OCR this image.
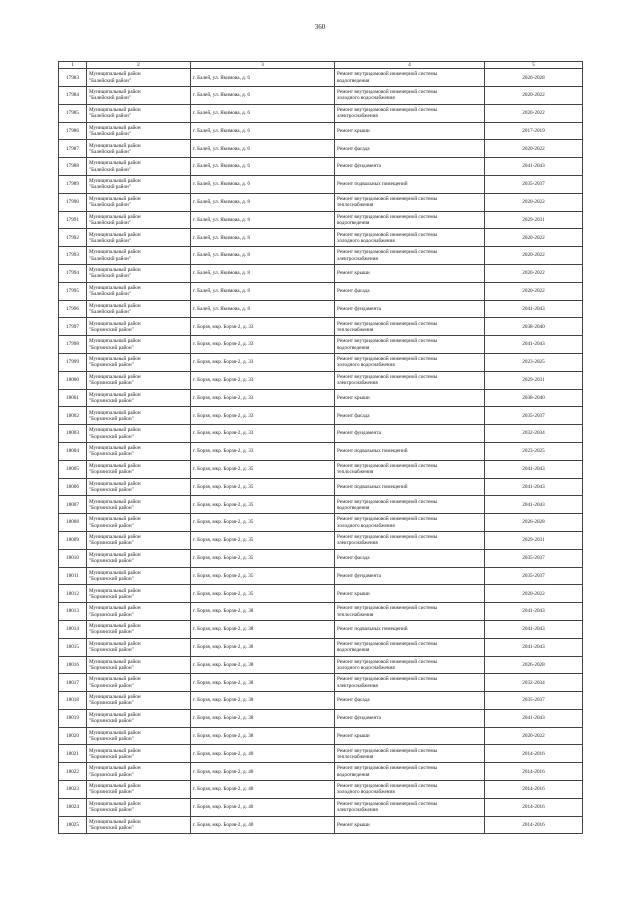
360
1	2	3	4	5
17983	Муниципальный район
"Балейский район"	г. Балей, ул. Якимова, д. 6	Ремонт внутридомовой инженерной системы
водоотведения	2026-2028
17984	Муниципальный район
"Балейский район"	г. Балей, ул. Якимова, д. 6	Ремонт внутридомовой инженерной системы
холодного водоснабжения	2020-2022
17985	Муниципальный район
"Балейский район"	г. Балей, ул. Якимова, д. 6	Ремонт внутридомовой инженерной системы
электроснабжения	2020-2022
17986	Муниципальный район
"Балейский район"	г. Балей, ул. Якимова, д. 6	Ремонт крыши	2017-2019
17987	Муниципальный район
"Балейский район"	г. Балей, ул. Якимова, д. 6	Ремонт фасада	2020-2022
17988	Муниципальный район
"Балейский район"	г. Балей, ул. Якимова, д. 6	Ремонт фундамента	2041-2043
17989	Муниципальный район
"Балейский район"	г. Балей, ул. Якимова, д. 6	Ремонт подвальных помещений	2035-2037
17990	Муниципальный район
"Балейский район"	г. Балей, ул. Якимова, д. 8	Ремонт внутридомовой инженерной системы
теплоснабжения	2020-2022
17991	Муниципальный район
"Балейский район"	г. Балей, ул. Якимова, д. 8	Ремонт внутридомовой инженерной системы
водоотведения	2029-2031
17992	Муниципальный район
"Балейский район"	г. Балей, ул. Якимова, д. 8	Ремонт внутридомовой инженерной системы
холодного водоснабжения	2020-2022
17993	Муниципальный район
"Балейский район"	г. Балей, ул. Якимова, д. 8	Ремонт внутридомовой инженерной системы
электроснабжения	2020-2022
17994	Муниципальный район
"Балейский район"	г. Балей, ул. Якимова, д. 8	Ремонт крыши	2020-2022
17995	Муниципальный район
"Балейский район"	г. Балей, ул. Якимова, д. 8	Ремонт фасада	2020-2022
17996	Муниципальный район
"Балейский район"	г. Балей, ул. Якимова, д. 8	Ремонт фундамента	2041-2043
17997	Муниципальный район
"Борзинский район"	г. Борзя, мкр. Борзя-2, д. 33	Ремонт внутридомовой инженерной системы
теплоснабжения	2038-2040
17998	Муниципальный район
"Борзинский район"	г. Борзя, мкр. Борзя-2, д. 33	Ремонт внутридомовой инженерной системы
водоотведения	2041-2043
17999	Муниципальный район
"Борзинский район"	г. Борзя, мкр. Борзя-2, д. 33	Ремонт внутридомовой инженерной системы
холодного водоснабжения	2023-2025
18000	Муниципальный район
"Борзинский район"	г. Борзя, мкр. Борзя-2, д. 33	Ремонт внутридомовой инженерной системы
электроснабжения	2029-2031
18001	Муниципальный район
"Борзинский район"	г. Борзя, мкр. Борзя-2, д. 33	Ремонт крыши	2038-2040
18002	Муниципальный район
"Борзинский район"	г. Борзя, мкр. Борзя-2, д. 33	Ремонт фасада	2035-2037
18003	Муниципальный район
"Борзинский район"	г. Борзя, мкр. Борзя-2, д. 33	Ремонт фундамента	2032-2034
18004	Муниципальный район
"Борзинский район"	г. Борзя, мкр. Борзя-2, д. 33	Ремонт подвальных помещений	2023-2025
18005	Муниципальный район
"Борзинский район"	г. Борзя, мкр. Борзя-2, д. 35	Ремонт внутридомовой инженерной системы
теплоснабжения	2041-2043
18006	Муниципальный район
"Борзинский район"	г. Борзя, мкр. Борзя-2, д. 35	Ремонт подвальных помещений	2041-2043
18007	Муниципальный район
"Борзинский район"	г. Борзя, мкр. Борзя-2, д. 35	Ремонт внутридомовой инженерной системы
водоотведения	2041-2043
18008	Муниципальный район
"Борзинский район"	г. Борзя, мкр. Борзя-2, д. 35	Ремонт внутридомовой инженерной системы
холодного водоснабжения	2026-2028
18009	Муниципальный район
"Борзинский район"	г. Борзя, мкр. Борзя-2, д. 35	Ремонт внутридомовой инженерной системы
электроснабжения	2029-2031
18010	Муниципальный район
"Борзинский район"	г. Борзя, мкр. Борзя-2, д. 35	Ремонт фасада	2035-2037
18011	Муниципальный район
"Борзинский район"	г. Борзя, мкр. Борзя-2, д. 35	Ремонт фундамента	2035-2037
18012	Муниципальный район
"Борзинский район"	г. Борзя, мкр. Борзя-2, д. 35	Ремонт крыши	2020-2022
18013	Муниципальный район
"Борзинский район"	г. Борзя, мкр. Борзя-2, д. 38	Ремонт внутридомовой инженерной системы
теплоснабжения	2041-2043
18014	Муниципальный район
"Борзинский район"	г. Борзя, мкр. Борзя-2, д. 38	Ремонт подвальных помещений	2041-2043
18015	Муниципальный район
"Борзинский район"	г. Борзя, мкр. Борзя-2, д. 38	Ремонт внутридомовой инженерной системы
водоотведения	2041-2043
18016	Муниципальный район
"Борзинский район"	г. Борзя, мкр. Борзя-2, д. 38	Ремонт внутридомовой инженерной системы
холодного водоснабжения	2026-2028
18017	Муниципальный район
"Борзинский район"	г. Борзя, мкр. Борзя-2, д. 38	Ремонт внутридомовой инженерной системы
электроснабжения	2032-2034
18018	Муниципальный район
"Борзинский район"	г. Борзя, мкр. Борзя-2, д. 38	Ремонт фасада	2035-2037
18019	Муниципальный район
"Борзинский район"	г. Борзя, мкр. Борзя-2, д. 38	Ремонт фундамента	2041-2043
18020	Муниципальный район
"Борзинский район"	г. Борзя, мкр. Борзя-2, д. 38	Ремонт крыши	2020-2022
18021	Муниципальный район
"Борзинский район"	г. Борзя, мкр. Борзя-2, д. 40	Ремонт внутридомовой инженерной системы
теплоснабжения	2014-2016
18022	Муниципальный район
"Борзинский район"	г. Борзя, мкр. Борзя-2, д. 40	Ремонт внутридомовой инженерной системы
водоотведения	2014-2016
18023	Муниципальный район
"Борзинский район"	г. Борзя, мкр. Борзя-2, д. 40	Ремонт внутридомовой инженерной системы
холодного водоснабжения	2014-2016
18024	Муниципальный район
"Борзинский район"	г. Борзя, мкр. Борзя-2, д. 40	Ремонт внутридомовой инженерной системы
электроснабжения	2014-2016
18025	Муниципальный район
"Борзинский район"	г. Борзя, мкр. Борзя-2, д. 40	Ремонт крыши	2014-2016
